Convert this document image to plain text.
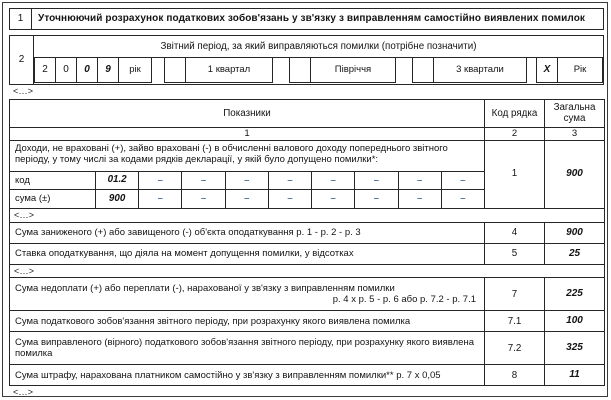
1	Уточнюючий розрахунок податкових зобов'язань у зв'язку з виправленням самостійно виявлених помилок
2	Звітний період, за який виправляються помилки (потрібне позначити)

2	0	0	9	рік	1 квартал	Півріччя	3 квартали	X	Рік
<...>
Показники	Код рядка	Загальна сума
1	2	3

Доходи, не враховані (+), зайво враховані (-) в обчисленні валового доходу попереднього звітного періоду, у тому числі за кодами рядків декларації, у якій було допущено помилки*:
код	01.2	–	–	–	–	–	–	–	–
сума (±)	900	–	–	–	–	–	–	–	–
	1	900
<...>		
Сума заниженого (+) або завищеного (-) об'єкта оподаткування р. 1 - р. 2 - р. 3	4	900
Ставка оподаткування, що діяла на момент допущення помилки, у відсотках	5	25
<...>		

Сума недоплати (+) або переплати (-), нарахованої у зв'язку з виправленням помилки
р. 4 х р. 5 - р. 6 або р. 7.2 - р. 7.1	7	225
Сума податкового зобов'язання звітного періоду, при розрахунку якого виявлена помилка	7.1	100
Сума виправленого (вірного) податкового зобов'язання звітного періоду, при розрахунку якого виявлена помилка	7.2	325
Сума штрафу, нарахована платником самостійно у зв'язку з виправленням помилки** р. 7 х 0,05	8	11
<...>
